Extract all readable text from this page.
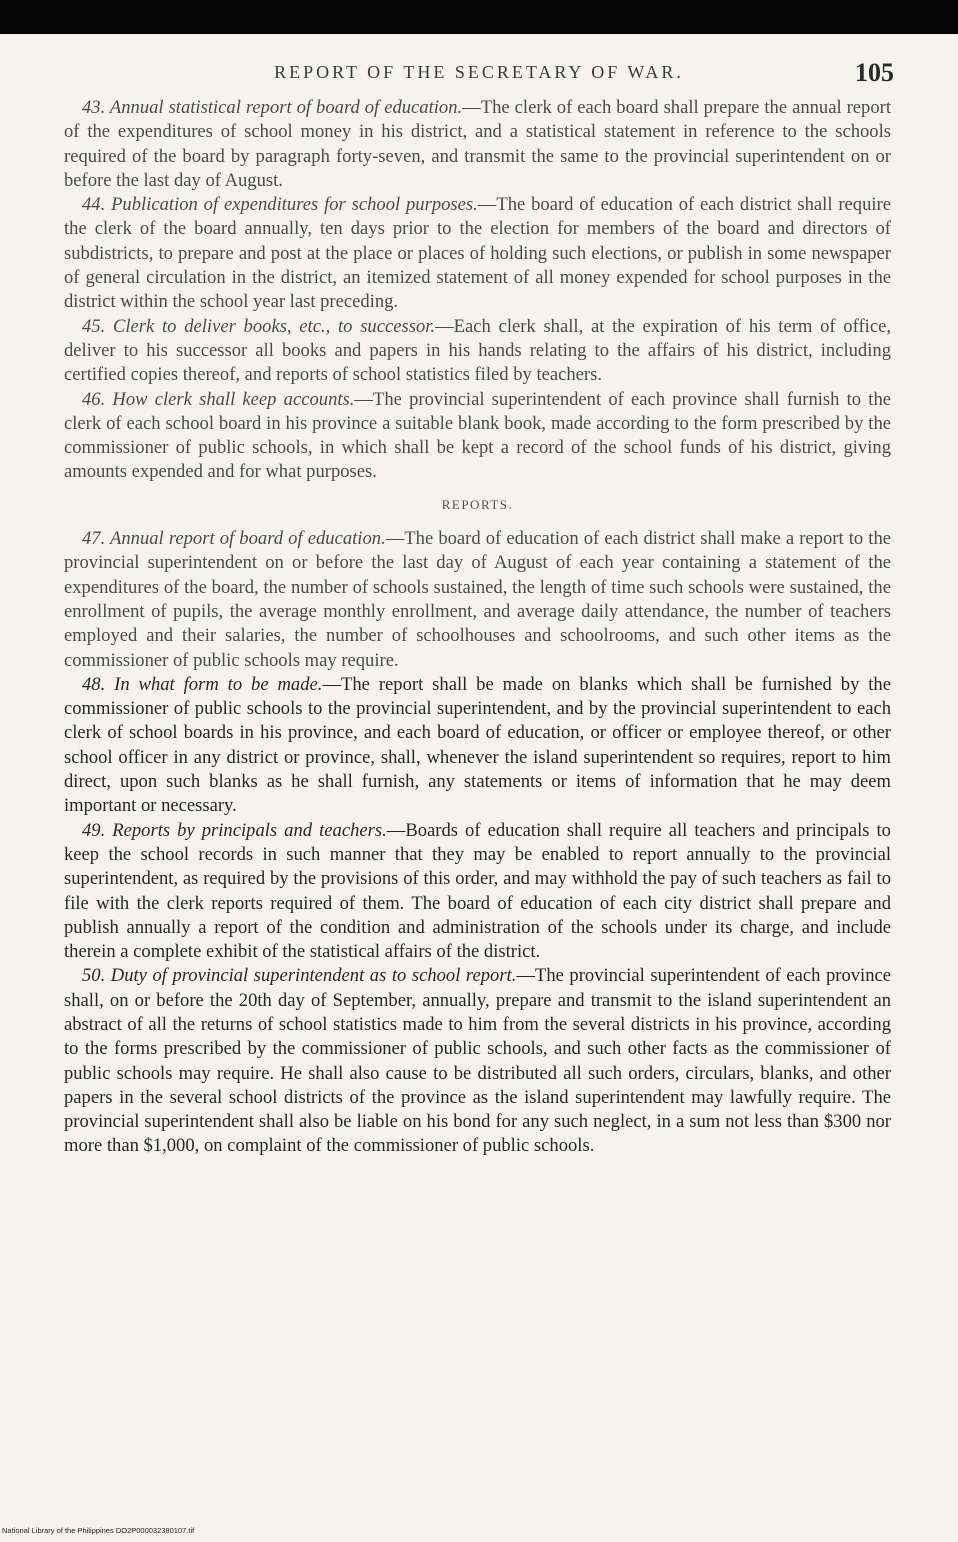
REPORT OF THE SECRETARY OF WAR.	105

43. Annual statistical report of board of education.—The clerk of each board shall prepare the annual report of the expenditures of school money in his district, and a statistical statement in reference to the schools required of the board by paragraph forty-seven, and transmit the same to the provincial superintendent on or before the last day of August.

44. Publication of expenditures for school purposes.—The board of education of each district shall require the clerk of the board annually, ten days prior to the election for members of the board and directors of subdistricts, to prepare and post at the place or places of holding such elections, or publish in some newspaper of general circulation in the district, an itemized statement of all money expended for school purposes in the district within the school year last preceding.

45. Clerk to deliver books, etc., to successor.—Each clerk shall, at the expiration of his term of office, deliver to his successor all books and papers in his hands relating to the affairs of his district, including certified copies thereof, and reports of school statistics filed by teachers.

46. How clerk shall keep accounts.—The provincial superintendent of each province shall furnish to the clerk of each school board in his province a suitable blank book, made according to the form prescribed by the commissioner of public schools, in which shall be kept a record of the school funds of his district, giving amounts expended and for what purposes.

REPORTS.

47. Annual report of board of education.—The board of education of each district shall make a report to the provincial superintendent on or before the last day of August of each year containing a statement of the expenditures of the board, the number of schools sustained, the length of time such schools were sustained, the enrollment of pupils, the average monthly enrollment, and average daily attendance, the number of teachers employed and their salaries, the number of schoolhouses and schoolrooms, and such other items as the commissioner of public schools may require.

48. In what form to be made.—The report shall be made on blanks which shall be furnished by the commissioner of public schools to the provincial superintendent, and by the provincial superintendent to each clerk of school boards in his province, and each board of education, or officer or employee thereof, or other school officer in any district or province, shall, whenever the island superintendent so requires, report to him direct, upon such blanks as he shall furnish, any statements or items of information that he may deem important or necessary.

49. Reports by principals and teachers.—Boards of education shall require all teachers and principals to keep the school records in such manner that they may be enabled to report annually to the provincial superintendent, as required by the provisions of this order, and may withhold the pay of such teachers as fail to file with the clerk reports required of them. The board of education of each city district shall prepare and publish annually a report of the condition and administration of the schools under its charge, and include therein a complete exhibit of the statistical affairs of the district.

50. Duty of provincial superintendent as to school report.—The provincial superintendent of each province shall, on or before the 20th day of September, annually, prepare and transmit to the island superintendent an abstract of all the returns of school statistics made to him from the several districts in his province, according to the forms prescribed by the commissioner of public schools, and such other facts as the commissioner of public schools may require. He shall also cause to be distributed all such orders, circulars, blanks, and other papers in the several school districts of the province as the island superintendent may lawfully require. The provincial superintendent shall also be liable on his bond for any such neglect, in a sum not less than $300 nor more than $1,000, on complaint of the commissioner of public schools.

National Library of the Philippines DO2P000032380107.tif
